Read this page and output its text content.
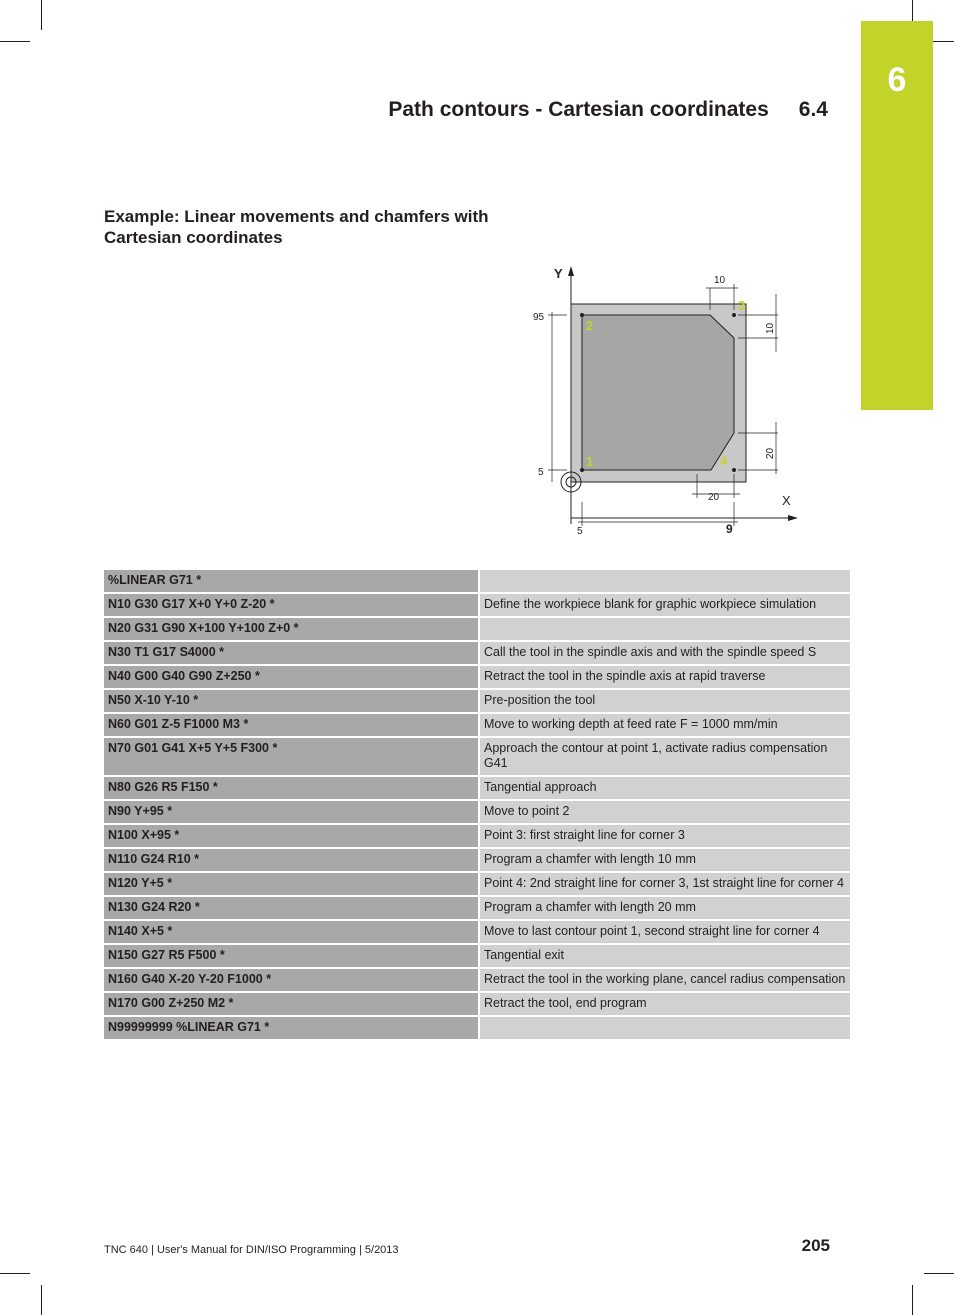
6
Path contours - Cartesian coordinates 6.4
Example: Linear movements and chamfers with Cartesian coordinates
Y
X
1
2
3
4
10
10
20
20
95
5
5	9
%LINEAR G71 *	
N10 G30 G17 X+0 Y+0 Z-20 *	Define the workpiece blank for graphic workpiece simulation
N20 G31 G90 X+100 Y+100 Z+0 *	
N30 T1 G17 S4000 *	Call the tool in the spindle axis and with the spindle speed S
N40 G00 G40 G90 Z+250 *	Retract the tool in the spindle axis at rapid traverse
N50 X-10 Y-10 *	Pre-position the tool
N60 G01 Z-5 F1000 M3 *	Move to working depth at feed rate F = 1000 mm/min
N70 G01 G41 X+5 Y+5 F300 *	Approach the contour at point 1, activate radius compensation G41
N80 G26 R5 F150 *	Tangential approach
N90 Y+95 *	Move to point 2
N100 X+95 *	Point 3: first straight line for corner 3
N110 G24 R10 *	Program a chamfer with length 10 mm
N120 Y+5 *	Point 4: 2nd straight line for corner 3, 1st straight line for corner 4
N130 G24 R20 *	Program a chamfer with length 20 mm
N140 X+5 *	Move to last contour point 1, second straight line for corner 4
N150 G27 R5 F500 *	Tangential exit
N160 G40 X-20 Y-20 F1000 *	Retract the tool in the working plane, cancel radius compensation
N170 G00 Z+250 M2 *	Retract the tool, end program
N99999999 %LINEAR G71 *	
TNC 640 | User's Manual for DIN/ISO Programming | 5/2013	205
